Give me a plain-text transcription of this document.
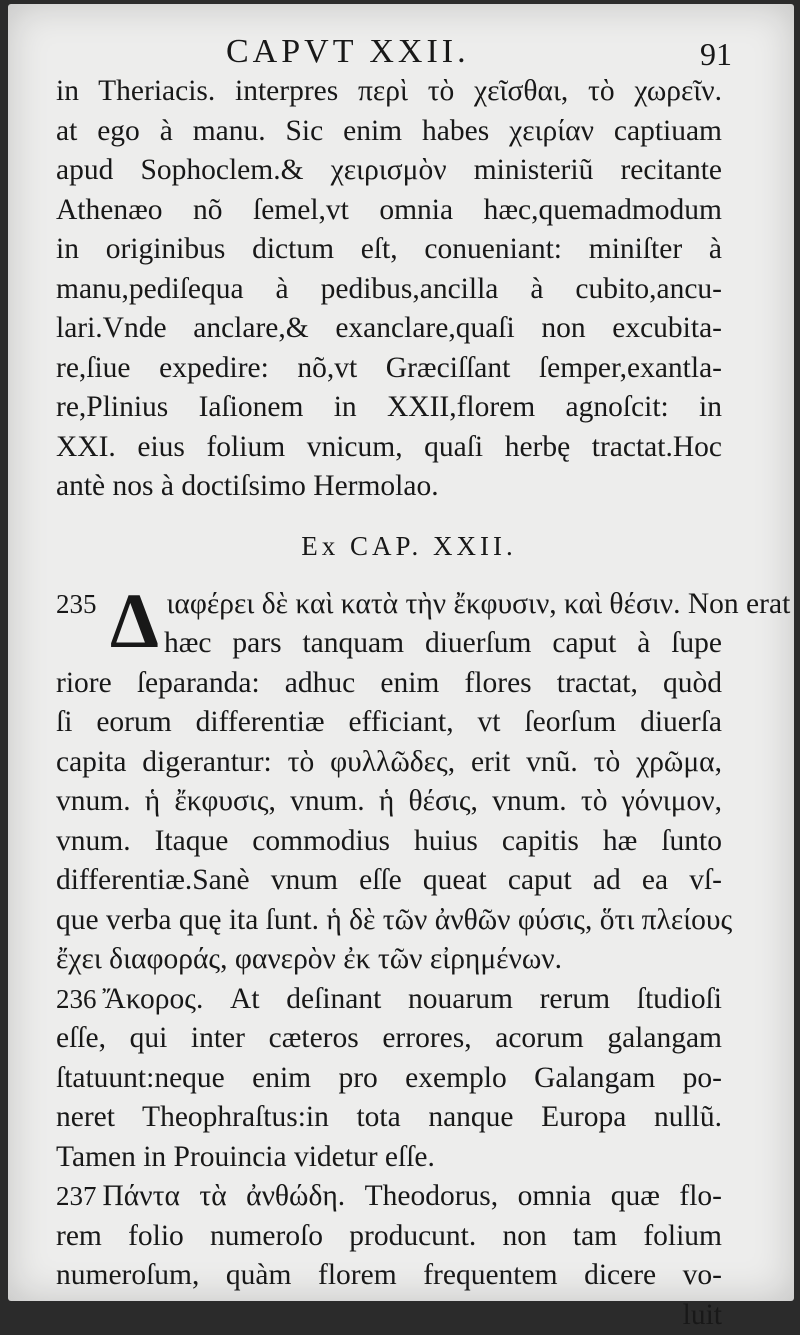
CAPVT XXII.	91
in Theriacis. interpres περὶ τὸ χεῖσθαι, τὸ χωρεῖν.
at ego à manu. Sic enim habes χειρίαν captiuam
apud Sophoclem.& χειρισμὸν ministeriũ recitante
Athenæo nõ ſemel,vt omnia hæc,quemadmodum
in originibus dictum eſt, conueniant: miniſter à
manu,pediſequa à pedibus,ancilla à cubito,ancu-
lari.Vnde anclare,& exanclare,quaſi non excubita-
re,ſiue expedire: nõ,vt Græciſſant ſemper,exantla-
re,Plinius Iaſionem in XXII,florem agnoſcit: in
XXI. eius folium vnicum, quaſi herbę tractat.Hoc
antè nos à doctiſsimo Hermolao.
Ex CAP. XXII.
Δ
235 ιαφέρει δὲ καὶ κατὰ τὴν ἔκφυσιν, καὶ θέσιν. Non erat
hæc pars tanquam diuerſum caput à ſupe
riore ſeparanda: adhuc enim flores tractat, quòd
ſi eorum differentiæ efficiant, vt ſeorſum diuerſa
capita digerantur: τὸ φυλλῶδες, erit vnũ. τὸ χρῶμα,
vnum. ἡ ἔκφυσις, vnum. ἡ θέσις, vnum. τὸ γόνιμον,
vnum. Itaque commodius huius capitis hæ ſunto
differentiæ.Sanè vnum eſſe queat caput ad ea vſ-
que verba quę ita ſunt. ἡ δὲ τῶν ἀνθῶν φύσις, ὅτι πλείους
ἔχει διαφοράς, φανερὸν ἐκ τῶν εἰρημένων.
236 Ἄκορος. At deſinant nouarum rerum ſtudioſi
eſſe, qui inter cæteros errores, acorum galangam
ſtatuunt:neque enim pro exemplo Galangam po-
neret Theophraſtus:in tota nanque Europa nullũ.
Tamen in Prouincia videtur eſſe.
237 Πάντα τὰ ἀνθώδη. Theodorus, omnia quæ flo-
rem folio numeroſo producunt. non tam folium
numeroſum, quàm florem frequentem dicere vo-
luit
